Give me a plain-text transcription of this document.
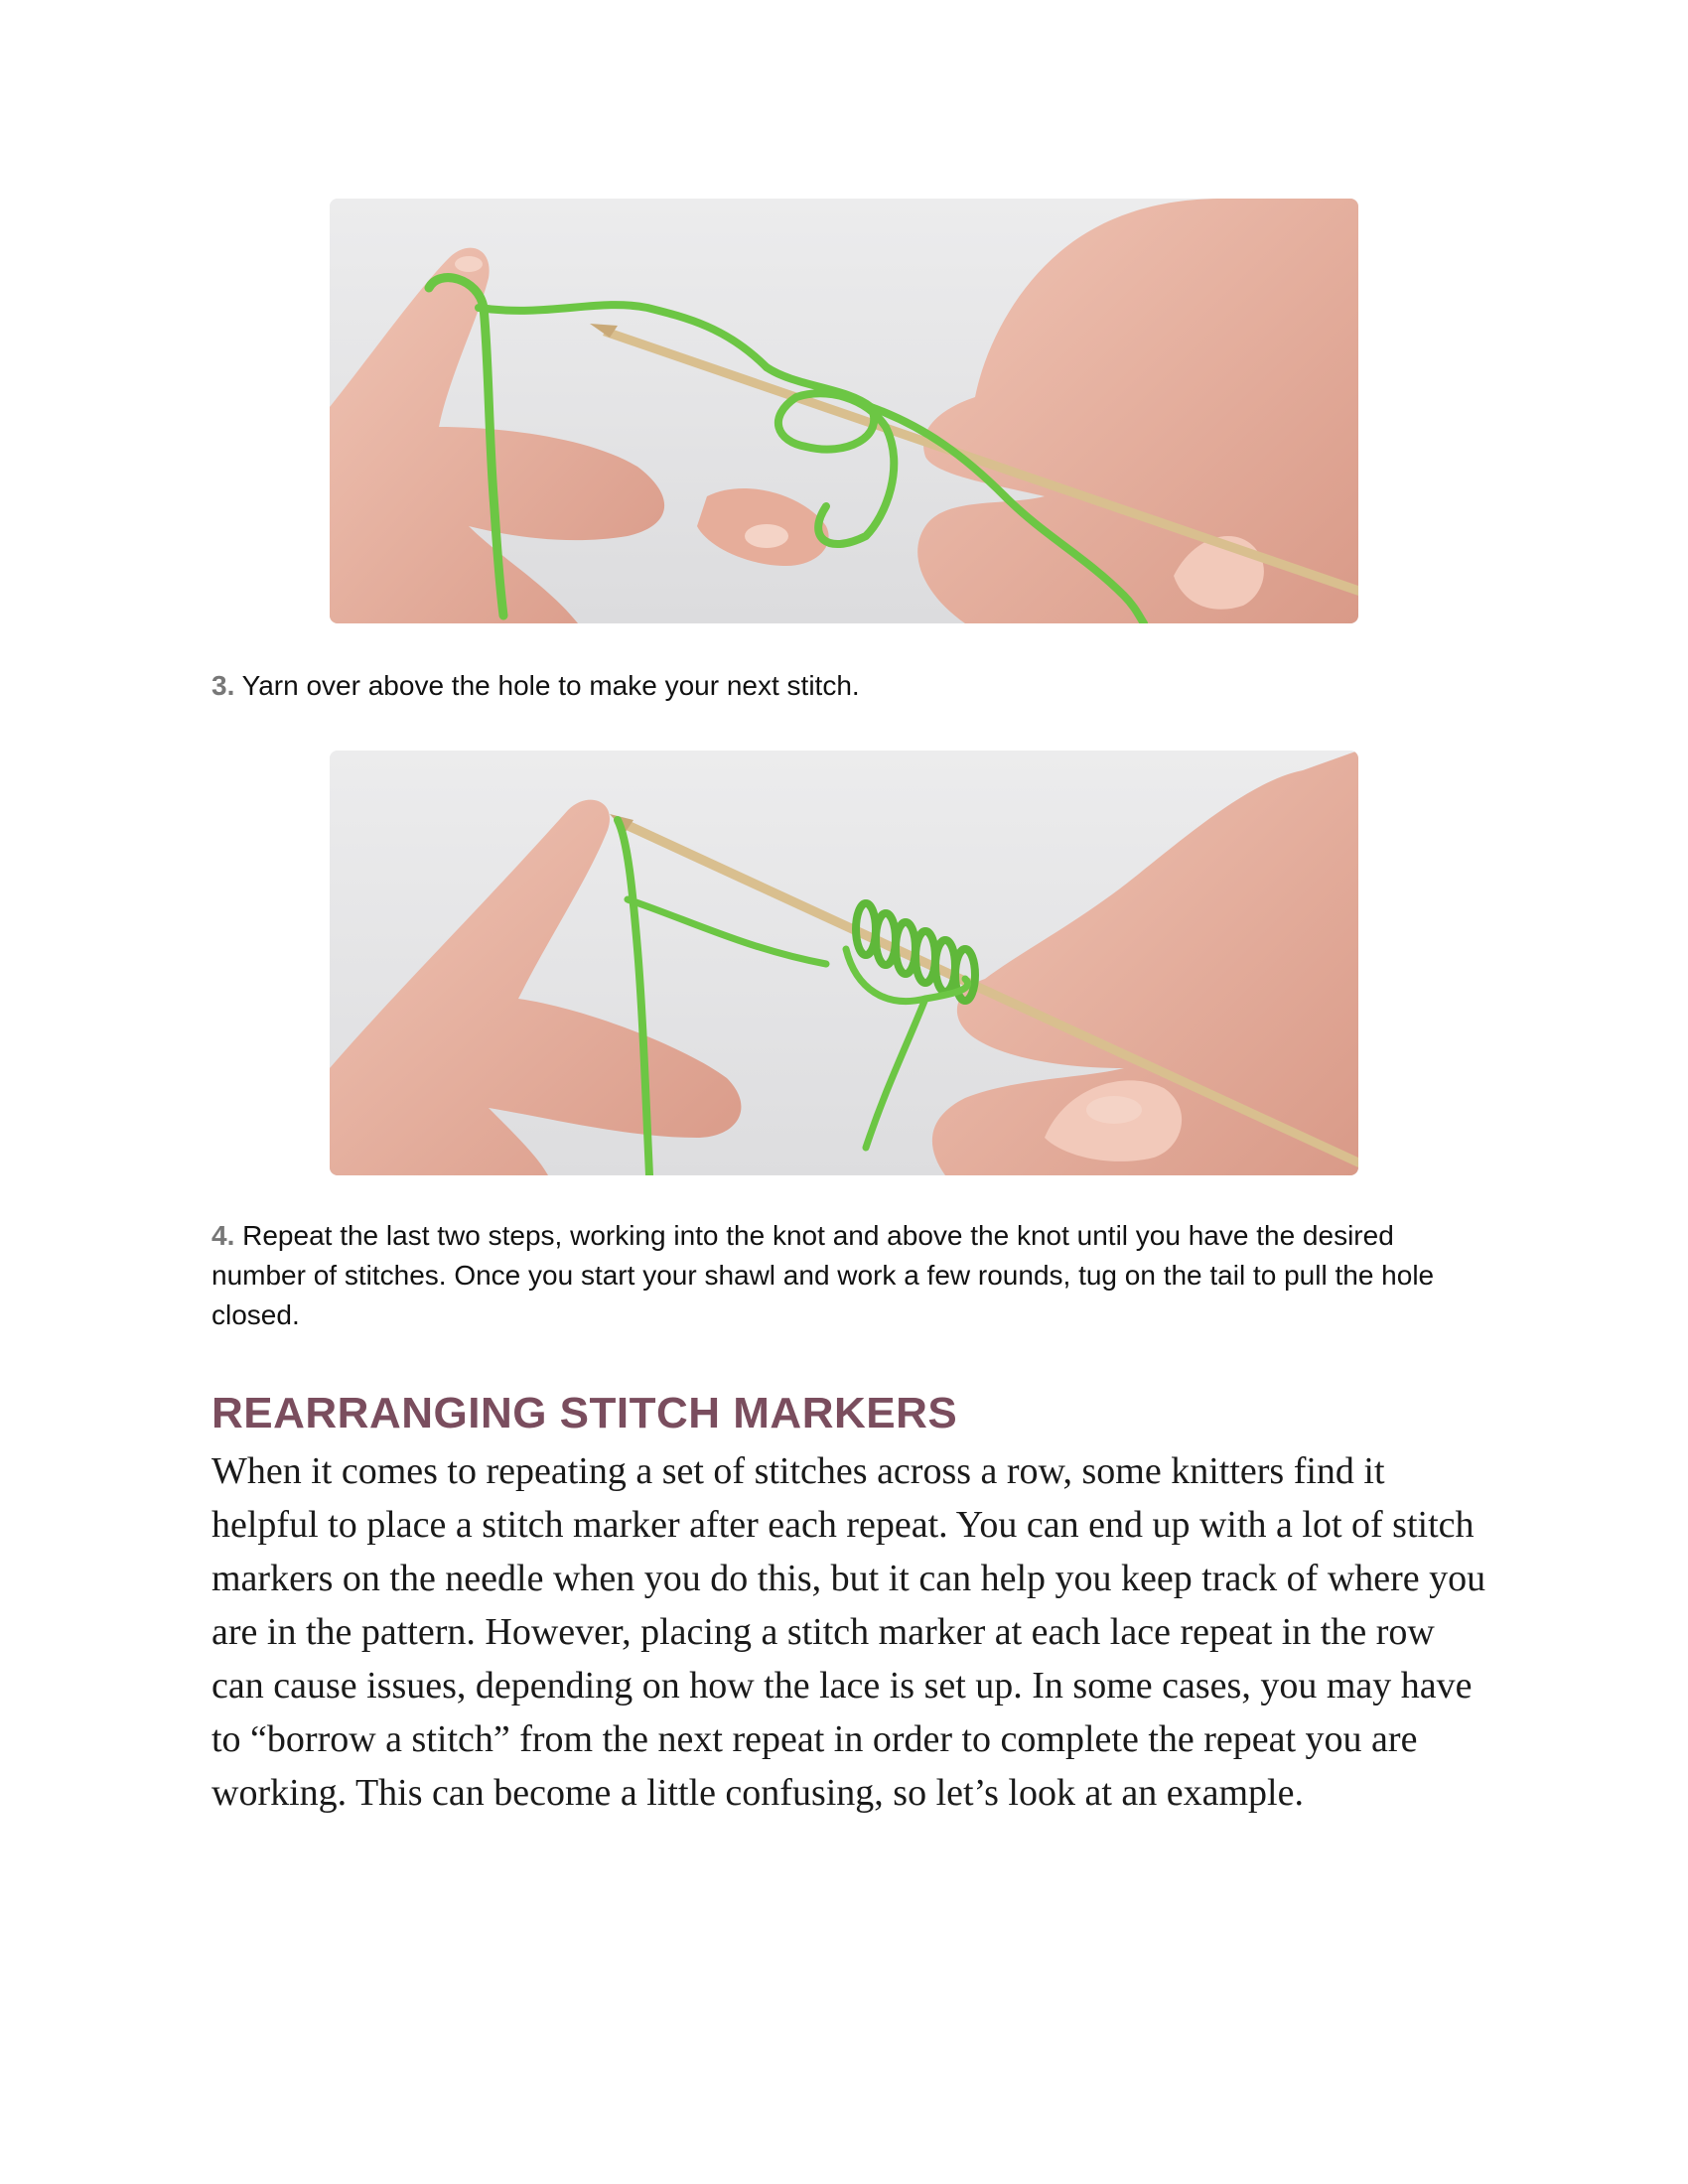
3. Yarn over above the hole to make your next stitch.

4. Repeat the last two steps, working into the knot and above the knot until you have the desired number of stitches. Once you start your shawl and work a few rounds, tug on the tail to pull the hole closed.

REARRANGING STITCH MARKERS

When it comes to repeating a set of stitches across a row, some knitters find it helpful to place a stitch marker after each repeat. You can end up with a lot of stitch markers on the needle when you do this, but it can help you keep track of where you are in the pattern. However, placing a stitch marker at each lace repeat in the row can cause issues, depending on how the lace is set up. In some cases, you may have to “borrow a stitch” from the next repeat in order to complete the repeat you are working. This can become a little confusing, so let’s look at an example.
